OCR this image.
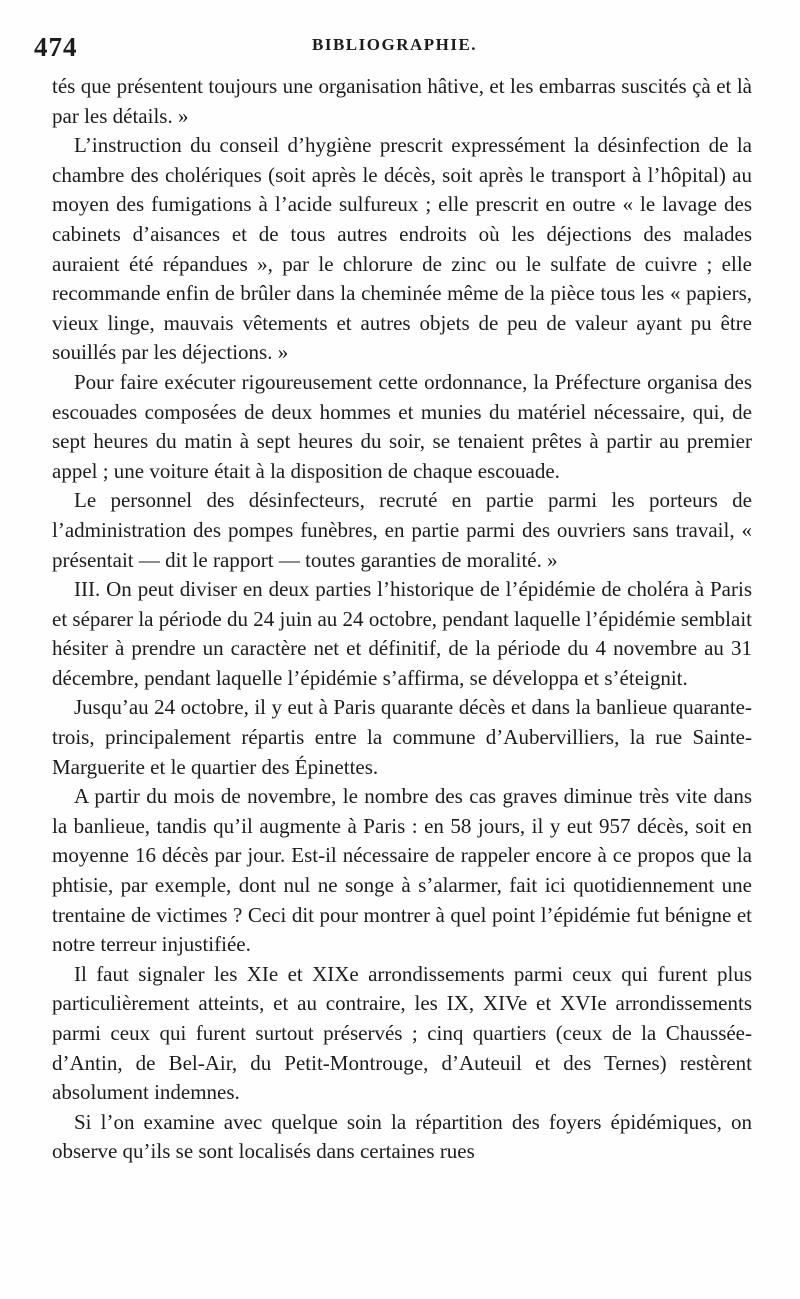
474	BIBLIOGRAPHIE.

tés que présentent toujours une organisation hâtive, et les embarras suscités çà et là par les détails. »

L’instruction du conseil d’hygiène prescrit expressément la désinfection de la chambre des cholériques (soit après le décès, soit après le transport à l’hôpital) au moyen des fumigations à l’acide sulfureux ; elle prescrit en outre « le lavage des cabinets d’aisances et de tous autres endroits où les déjections des malades auraient été répandues », par le chlorure de zinc ou le sulfate de cuivre ; elle recommande enfin de brûler dans la cheminée même de la pièce tous les « papiers, vieux linge, mauvais vêtements et autres objets de peu de valeur ayant pu être souillés par les déjections. »

Pour faire exécuter rigoureusement cette ordonnance, la Préfecture organisa des escouades composées de deux hommes et munies du matériel nécessaire, qui, de sept heures du matin à sept heures du soir, se tenaient prêtes à partir au premier appel ; une voiture était à la disposition de chaque escouade.

Le personnel des désinfecteurs, recruté en partie parmi les porteurs de l’administration des pompes funèbres, en partie parmi des ouvriers sans travail, « présentait — dit le rapport — toutes garanties de moralité. »

III. On peut diviser en deux parties l’historique de l’épidémie de choléra à Paris et séparer la période du 24 juin au 24 octobre, pendant laquelle l’épidémie semblait hésiter à prendre un caractère net et définitif, de la période du 4 novembre au 31 décembre, pendant laquelle l’épidémie s’affirma, se développa et s’éteignit.

Jusqu’au 24 octobre, il y eut à Paris quarante décès et dans la banlieue quarante-trois, principalement répartis entre la commune d’Aubervilliers, la rue Sainte-Marguerite et le quartier des Épinettes.

A partir du mois de novembre, le nombre des cas graves diminue très vite dans la banlieue, tandis qu’il augmente à Paris : en 58 jours, il y eut 957 décès, soit en moyenne 16 décès par jour. Est-il nécessaire de rappeler encore à ce propos que la phtisie, par exemple, dont nul ne songe à s’alarmer, fait ici quotidiennement une trentaine de victimes ? Ceci dit pour montrer à quel point l’épidémie fut bénigne et notre terreur injustifiée.

Il faut signaler les XIe et XIXe arrondissements parmi ceux qui furent plus particulièrement atteints, et au contraire, les IX, XIVe et XVIe arrondissements parmi ceux qui furent surtout préservés ; cinq quartiers (ceux de la Chaussée-d’Antin, de Bel-Air, du Petit-Montrouge, d’Auteuil et des Ternes) restèrent absolument indemnes.

Si l’on examine avec quelque soin la répartition des foyers épidémiques, on observe qu’ils se sont localisés dans certaines rues
